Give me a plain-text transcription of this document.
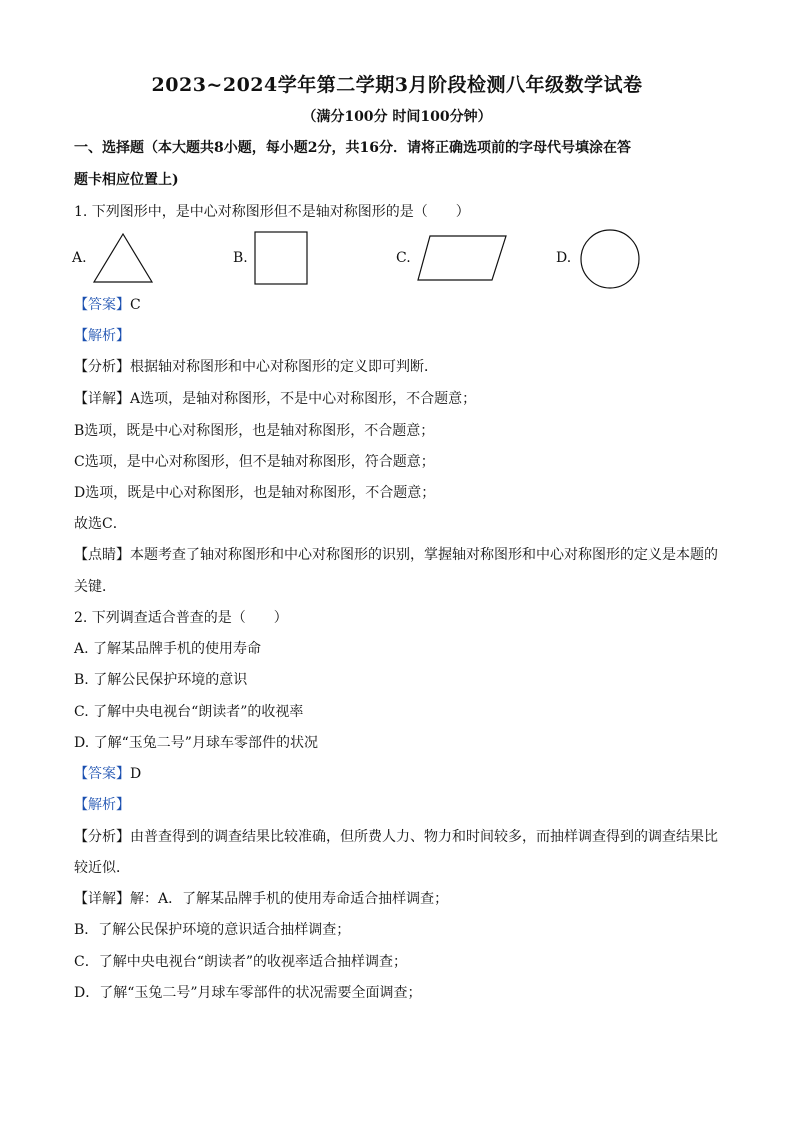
2023~2024学年第二学期3月阶段检测八年级数学试卷
（满分100分 时间100分钟）
一、选择题（本大题共8小题，每小题2分，共16分．请将正确选项前的字母代号填涂在答
题卡相应位置上)
1. 下列图形中，是中心对称图形但不是轴对称图形的是（　　）
A.	B.	C.	D.
【答案】C
【解析】
【分析】根据轴对称图形和中心对称图形的定义即可判断．
【详解】A选项，是轴对称图形，不是中心对称图形，不合题意；
B选项，既是中心对称图形，也是轴对称图形，不合题意；
C选项，是中心对称图形，但不是轴对称图形，符合题意；
D选项，既是中心对称图形，也是轴对称图形，不合题意；
故选C．
【点睛】本题考查了轴对称图形和中心对称图形的识别，掌握轴对称图形和中心对称图形的定义是本题的
关键．
2. 下列调查适合普查的是（　　）
A. 了解某品牌手机的使用寿命
B. 了解公民保护环境的意识
C. 了解中央电视台“朗读者”的收视率
D. 了解“玉兔二号”月球车零部件的状况
【答案】D
【解析】
【分析】由普查得到的调查结果比较准确，但所费人力、物力和时间较多，而抽样调查得到的调查结果比
较近似．
【详解】解：A．了解某品牌手机的使用寿命适合抽样调查；
B．了解公民保护环境的意识适合抽样调查；
C．了解中央电视台“朗读者”的收视率适合抽样调查；
D．了解“玉兔二号”月球车零部件的状况需要全面调查；
